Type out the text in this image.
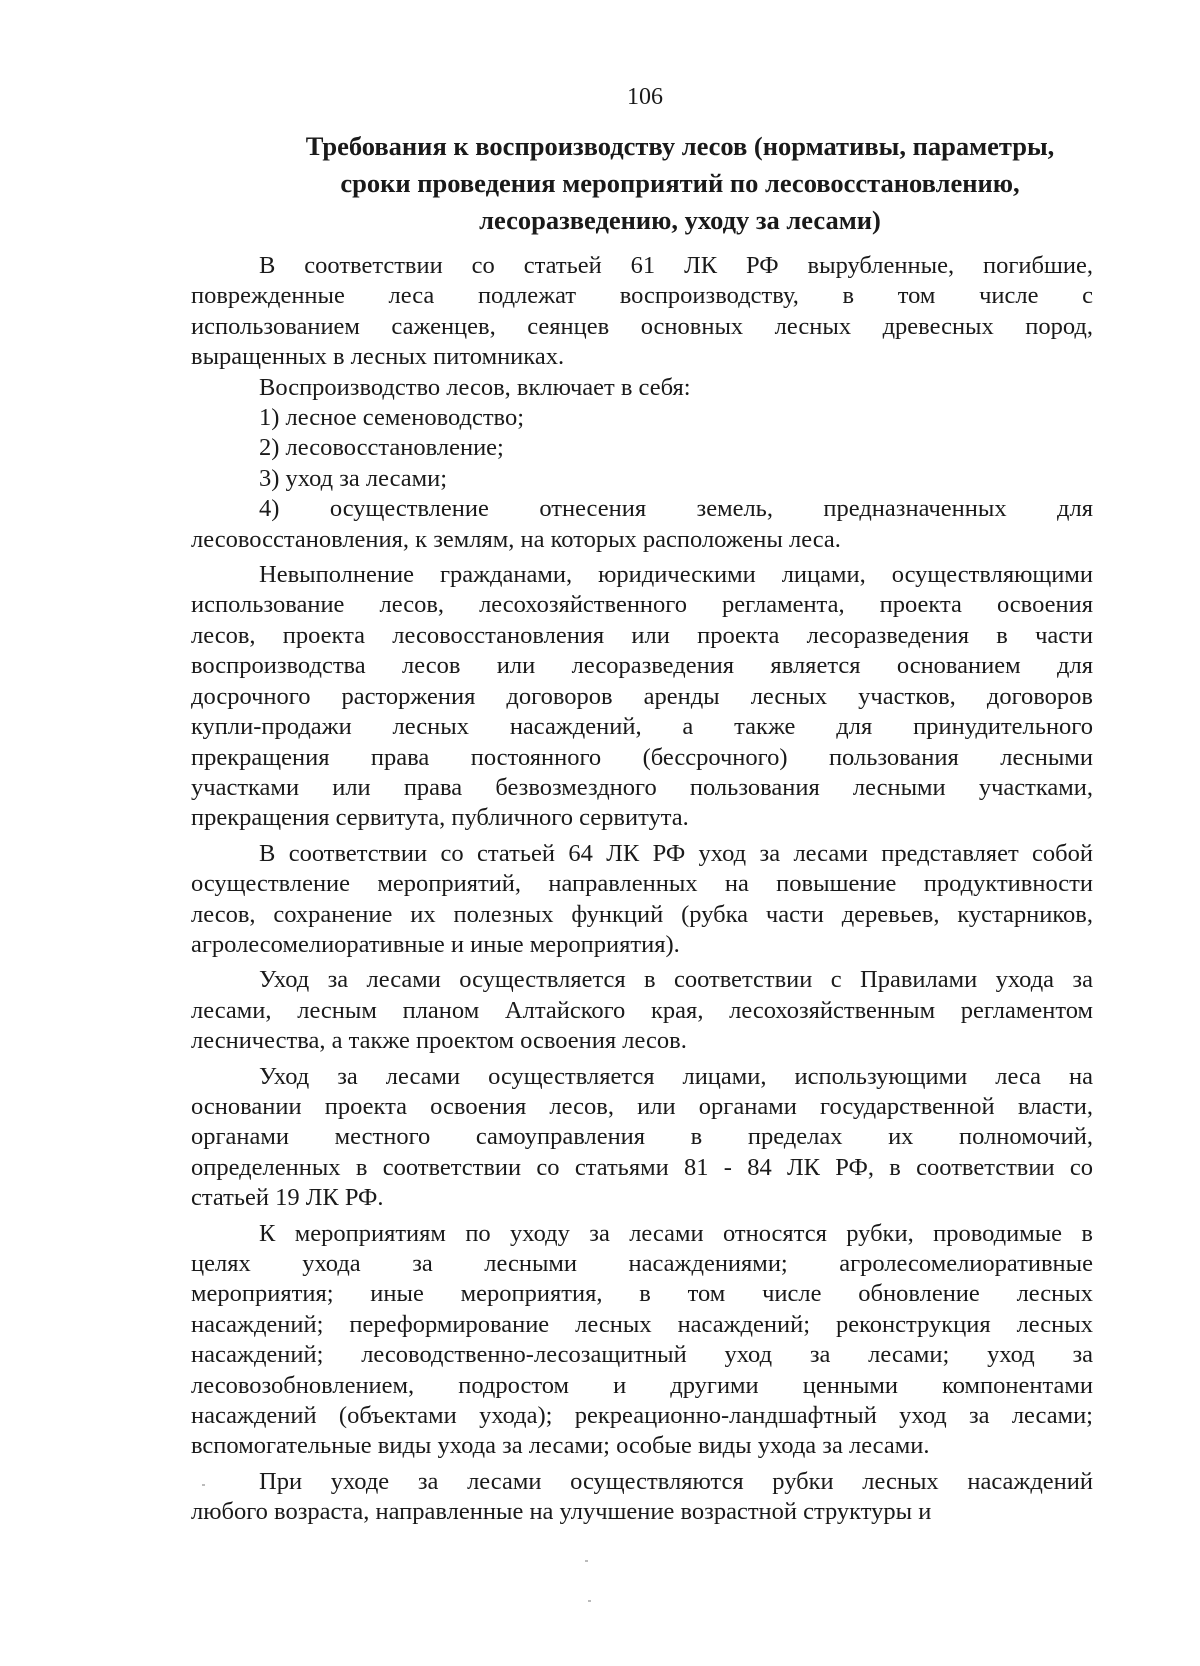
106
Требования к воспроизводству лесов (нормативы, параметры,
сроки проведения мероприятий по лесовосстановлению,
лесоразведению, уходу за лесами)
В соответствии со статьей 61 ЛК РФ вырубленные, погибшие,
поврежденные леса подлежат воспроизводству, в том числе с
использованием саженцев, сеянцев основных лесных древесных пород,
выращенных в лесных питомниках.
Воспроизводство лесов, включает в себя:
1) лесное семеноводство;
2) лесовосстановление;
3) уход за лесами;
4) осуществление отнесения земель, предназначенных для
лесовосстановления, к землям, на которых расположены леса.
Невыполнение гражданами, юридическими лицами, осуществляющими
использование лесов, лесохозяйственного регламента, проекта освоения
лесов, проекта лесовосстановления или проекта лесоразведения в части
воспроизводства лесов или лесоразведения является основанием для
досрочного расторжения договоров аренды лесных участков, договоров
купли-продажи лесных насаждений, а также для принудительного
прекращения права постоянного (бессрочного) пользования лесными
участками или права безвозмездного пользования лесными участками,
прекращения сервитута, публичного сервитута.
В соответствии со статьей 64 ЛК РФ уход за лесами представляет собой
осуществление мероприятий, направленных на повышение продуктивности
лесов, сохранение их полезных функций (рубка части деревьев, кустарников,
агролесомелиоративные и иные мероприятия).
Уход за лесами осуществляется в соответствии с Правилами ухода за
лесами, лесным планом Алтайского края, лесохозяйственным регламентом
лесничества, а также проектом освоения лесов.
Уход за лесами осуществляется лицами, использующими леса на
основании проекта освоения лесов, или органами государственной власти,
органами местного самоуправления в пределах их полномочий,
определенных в соответствии со статьями 81 - 84 ЛК РФ, в соответствии со
статьей 19 ЛК РФ.
К мероприятиям по уходу за лесами относятся рубки, проводимые в
целях ухода за лесными насаждениями; агролесомелиоративные
мероприятия; иные мероприятия, в том числе обновление лесных
насаждений; переформирование лесных насаждений; реконструкция лесных
насаждений; лесоводственно-лесозащитный уход за лесами; уход за
лесовозобновлением, подростом и другими ценными компонентами
насаждений (объектами ухода); рекреационно-ландшафтный уход за лесами;
вспомогательные виды ухода за лесами; особые виды ухода за лесами.
При уходе за лесами осуществляются рубки лесных насаждений
любого возраста, направленные на улучшение возрастной структуры и
